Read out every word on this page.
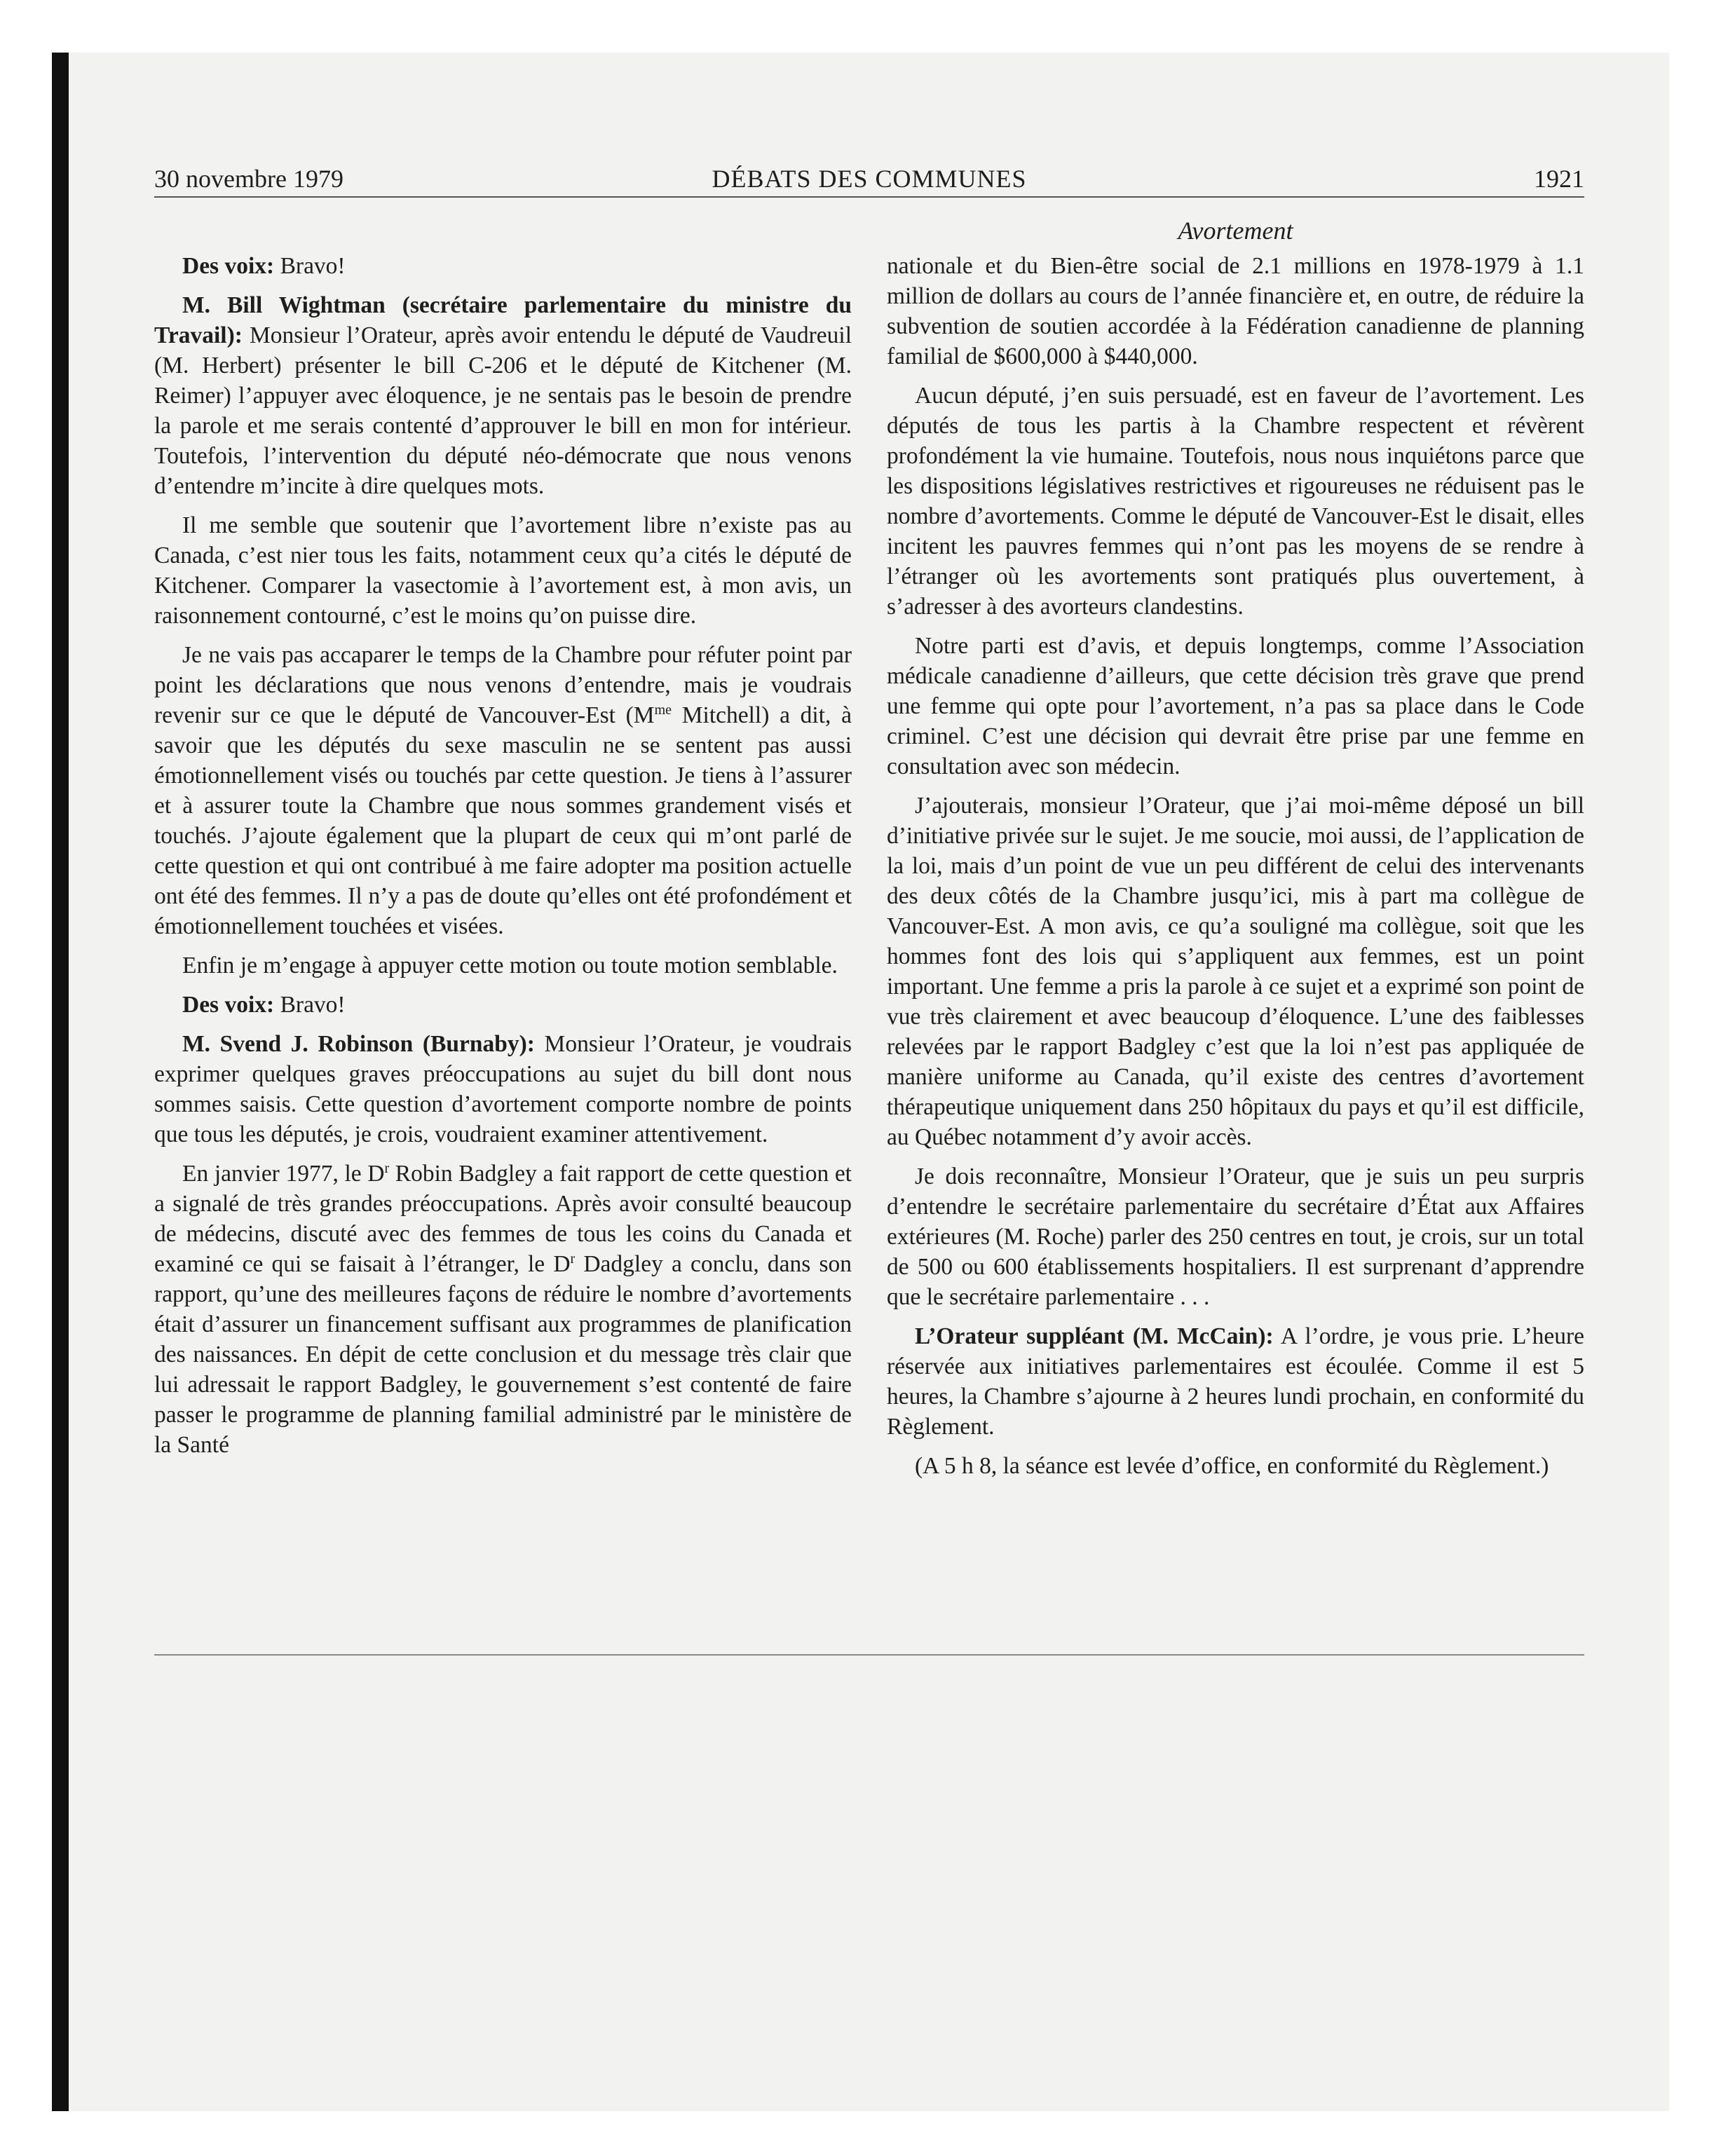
30 novembre 1979	DÉBATS DES COMMUNES	1921
Avortement

Des voix: Bravo!

M. Bill Wightman (secrétaire parlementaire du ministre du Travail): Monsieur l’Orateur, après avoir entendu le député de Vaudreuil (M. Herbert) présenter le bill C-206 et le député de Kitchener (M. Reimer) l’appuyer avec éloquence, je ne sentais pas le besoin de prendre la parole et me serais contenté d’approuver le bill en mon for intérieur. Toutefois, l’intervention du député néo-démocrate que nous venons d’entendre m’incite à dire quelques mots.

Il me semble que soutenir que l’avortement libre n’existe pas au Canada, c’est nier tous les faits, notamment ceux qu’a cités le député de Kitchener. Comparer la vasectomie à l’avortement est, à mon avis, un raisonnement contourné, c’est le moins qu’on puisse dire.

Je ne vais pas accaparer le temps de la Chambre pour réfuter point par point les déclarations que nous venons d’entendre, mais je voudrais revenir sur ce que le député de Vancouver-Est ($M^{me}$ Mitchell) a dit, à savoir que les députés du sexe masculin ne se sentent pas aussi émotionnellement visés ou touchés par cette question. Je tiens à l’assurer et à assurer toute la Chambre que nous sommes grandement visés et touchés. J’ajoute également que la plupart de ceux qui m’ont parlé de cette question et qui ont contribué à me faire adopter ma position actuelle ont été des femmes. Il n’y a pas de doute qu’elles ont été profondément et émotionnellement touchées et visées.

Enfin je m’engage à appuyer cette motion ou toute motion semblable.

Des voix: Bravo!

M. Svend J. Robinson (Burnaby): Monsieur l’Orateur, je voudrais exprimer quelques graves préoccupations au sujet du bill dont nous sommes saisis. Cette question d’avortement comporte nombre de points que tous les députés, je crois, voudraient examiner attentivement.

En janvier 1977, le $D^r$ Robin Badgley a fait rapport de cette question et a signalé de très grandes préoccupations. Après avoir consulté beaucoup de médecins, discuté avec des femmes de tous les coins du Canada et examiné ce qui se faisait à l’étranger, le $D^r$ Dadgley a conclu, dans son rapport, qu’une des meilleures façons de réduire le nombre d’avortements était d’assurer un financement suffisant aux programmes de planification des naissances. En dépit de cette conclusion et du message très clair que lui adressait le rapport Badgley, le gouvernement s’est contenté de faire passer le programme de planning familial administré par le ministère de la Santé

nationale et du Bien-être social de 2.1 millions en 1978-1979 à 1.1 million de dollars au cours de l’année financière et, en outre, de réduire la subvention de soutien accordée à la Fédération canadienne de planning familial de $600,000 à $440,000.

Aucun député, j’en suis persuadé, est en faveur de l’avortement. Les députés de tous les partis à la Chambre respectent et révèrent profondément la vie humaine. Toutefois, nous nous inquiétons parce que les dispositions législatives restrictives et rigoureuses ne réduisent pas le nombre d’avortements. Comme le député de Vancouver-Est le disait, elles incitent les pauvres femmes qui n’ont pas les moyens de se rendre à l’étranger où les avortements sont pratiqués plus ouvertement, à s’adresser à des avorteurs clandestins.

Notre parti est d’avis, et depuis longtemps, comme l’Association médicale canadienne d’ailleurs, que cette décision très grave que prend une femme qui opte pour l’avortement, n’a pas sa place dans le Code criminel. C’est une décision qui devrait être prise par une femme en consultation avec son médecin.

J’ajouterais, monsieur l’Orateur, que j’ai moi-même déposé un bill d’initiative privée sur le sujet. Je me soucie, moi aussi, de l’application de la loi, mais d’un point de vue un peu différent de celui des intervenants des deux côtés de la Chambre jusqu’ici, mis à part ma collègue de Vancouver-Est. A mon avis, ce qu’a souligné ma collègue, soit que les hommes font des lois qui s’appliquent aux femmes, est un point important. Une femme a pris la parole à ce sujet et a exprimé son point de vue très clairement et avec beaucoup d’éloquence. L’une des faiblesses relevées par le rapport Badgley c’est que la loi n’est pas appliquée de manière uniforme au Canada, qu’il existe des centres d’avortement thérapeutique uniquement dans 250 hôpitaux du pays et qu’il est difficile, au Québec notamment d’y avoir accès.

Je dois reconnaître, Monsieur l’Orateur, que je suis un peu surpris d’entendre le secrétaire parlementaire du secrétaire d’État aux Affaires extérieures (M. Roche) parler des 250 centres en tout, je crois, sur un total de 500 ou 600 établissements hospitaliers. Il est surprenant d’apprendre que le secrétaire parlementaire . . .

L’Orateur suppléant (M. McCain): A l’ordre, je vous prie. L’heure réservée aux initiatives parlementaires est écoulée. Comme il est 5 heures, la Chambre s’ajourne à 2 heures lundi prochain, en conformité du Règlement.

(A 5 h 8, la séance est levée d’office, en conformité du Règlement.)
